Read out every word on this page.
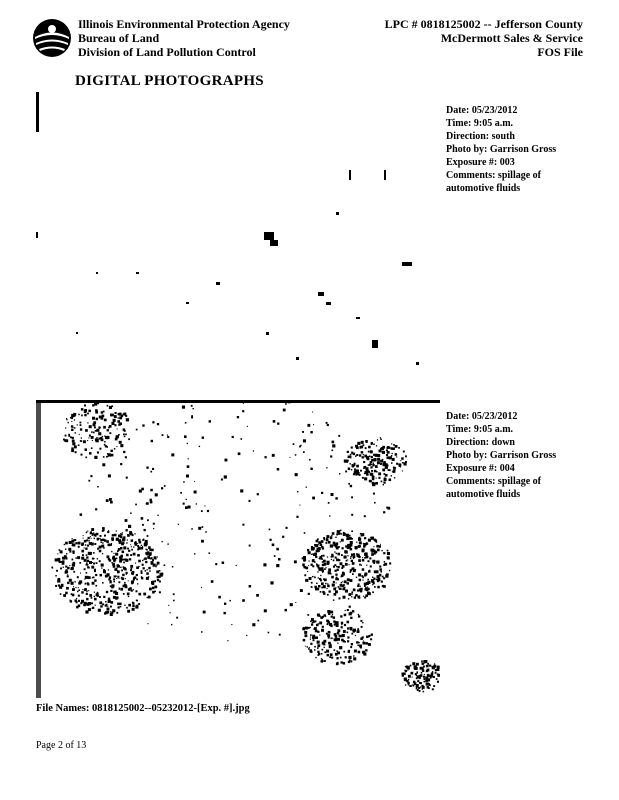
Illinois Environmental Protection Agency
Bureau of Land
Division of Land Pollution Control
LPC # 0818125002 -- Jefferson County
McDermott Sales & Service
FOS File
DIGITAL PHOTOGRAPHS
Date: 05/23/2012
Time: 9:05 a.m.
Direction: south
Photo by: Garrison Gross
Exposure #: 003
Comments: spillage of
automotive fluids
Date: 05/23/2012
Time: 9:05 a.m.
Direction: down
Photo by: Garrison Gross
Exposure #: 004
Comments: spillage of
automotive fluids
File Names: 0818125002--05232012-[Exp. #].jpg
Page 2 of 13
